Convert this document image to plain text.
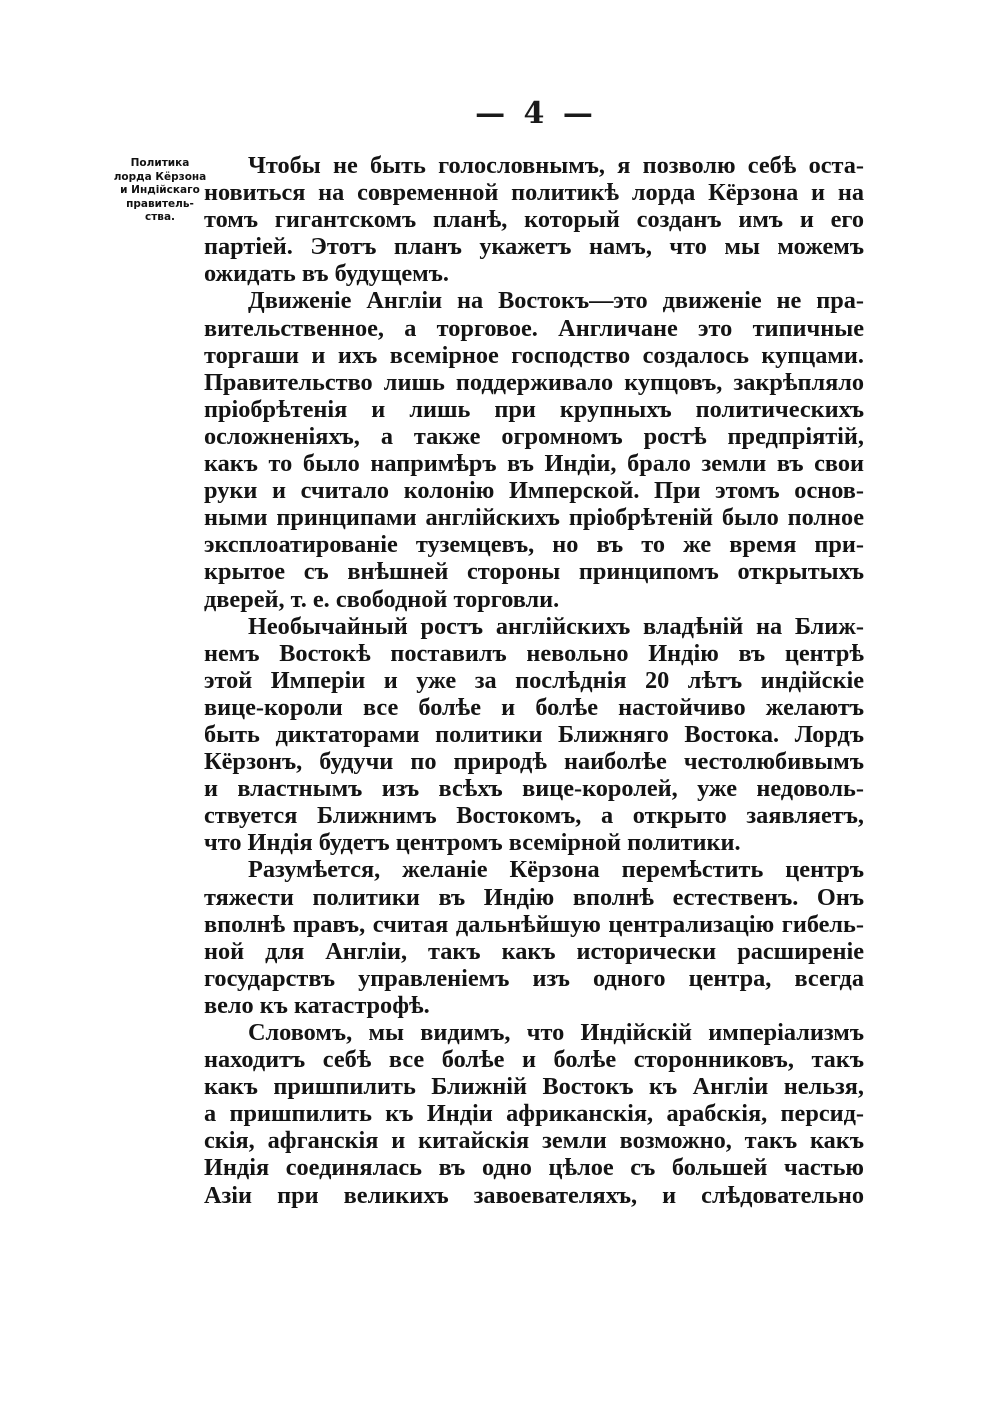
— 4 —
Политика
лорда Кёрзона
и Индійскаго
правитель-
ства.
Чтобы не быть голословнымъ, я позволю себѣ оста-
новиться на современной политикѣ лорда Кёрзона и на
томъ гигантскомъ планѣ, который созданъ имъ и его
партiей. Этотъ планъ укажетъ намъ, что мы можемъ
ожидать въ будущемъ.
Движенiе Англiи на Востокъ—это движенiе не пра-
вительственное, а торговое. Англичане это типичные
торгаши и ихъ всемiрное господство создалось купцами.
Правительство лишь поддерживало купцовъ, закрѣпляло
прiобрѣтенiя и лишь при крупныхъ политическихъ
осложненiяхъ, а также огромномъ ростѣ предпрiятiй,
какъ то было напримѣръ въ Индiи, брало земли въ свои
руки и считало колонiю Имперской. При этомъ основ-
ными принципами англiйскихъ прiобрѣтенiй было полное
эксплоатированiе туземцевъ, но въ то же время при-
крытое съ внѣшней стороны принципомъ открытыхъ
дверей, т. е. свободной торговли.
Необычайный ростъ англiйскихъ владѣнiй на Ближ-
немъ Востокѣ поставилъ невольно Индiю въ центрѣ
этой Имперiи и уже за послѣднiя 20 лѣтъ индiйскiе
вице-короли все болѣе и болѣе настойчиво желаютъ
быть диктаторами политики Ближняго Востока. Лордъ
Кёрзонъ, будучи по природѣ наиболѣе честолюбивымъ
и властнымъ изъ всѣхъ вице-королей, уже недоволь-
ствуется Ближнимъ Востокомъ, а открыто заявляетъ,
что Индiя будетъ центромъ всемiрной политики.
Разумѣется, желанiе Кёрзона перемѣстить центръ
тяжести политики въ Индiю вполнѣ естественъ. Онъ
вполнѣ правъ, считая дальнѣйшую централизацiю гибель-
ной для Англiи, такъ какъ исторически расширенiе
государствъ управленiемъ изъ одного центра, всегда
вело къ катастрофѣ.
Словомъ, мы видимъ, что Индiйскiй имперiализмъ
находитъ себѣ все болѣе и болѣе сторонниковъ, такъ
какъ пришпилить Ближнiй Востокъ къ Англiи нельзя,
а пришпилить къ Индiи африканскiя, арабскiя, персид-
скiя, афганскiя и китайскiя земли возможно, такъ какъ
Индiя соединялась въ одно цѣлое съ большей частью
Азiи при великихъ завоевателяхъ, и слѣдовательно
